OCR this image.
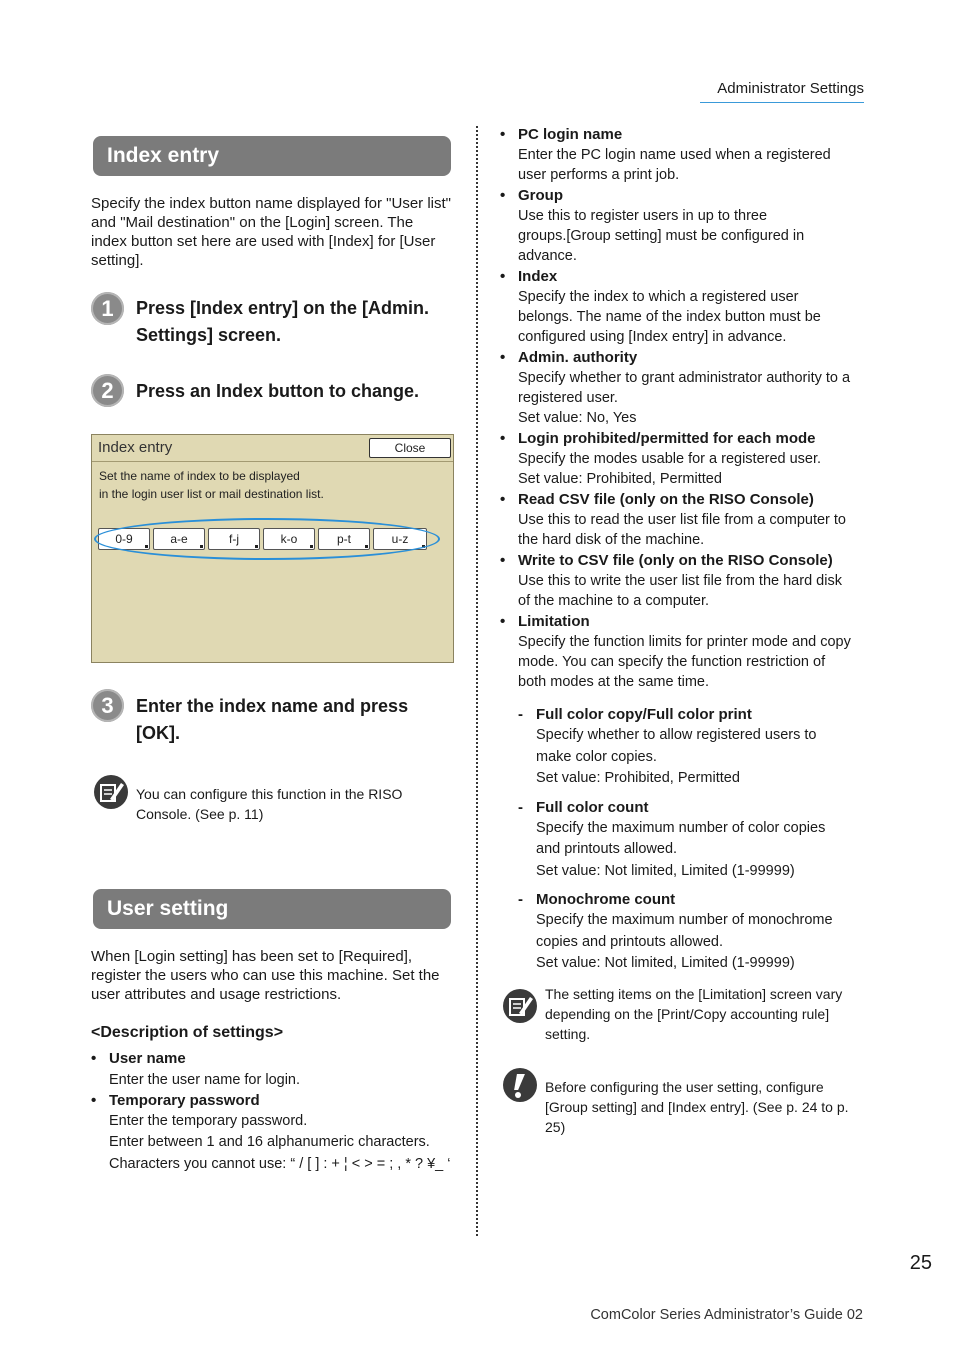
Administrator Settings
Index entry
Specify the index button name displayed for "User list" and "Mail destination" on the [Login] screen. The index button set here are used with [Index] for [User setting].
1	Press [Index entry] on the [Admin. Settings] screen.
2	Press an Index button to change.
Index entry	Close
Set the name of index to be displayed
in the login user list or mail destination list.
0-9	a-e	f-j	k-o	p-t	u-z
3	Enter the index name and press [OK].
You can configure this function in the RISO Console. (See p. 11)
User setting
When [Login setting] has been set to [Required], register the users who can use this machine. Set the user attributes and usage restrictions.
<Description of settings>
• User name
Enter the user name for login.
• Temporary password
Enter the temporary password.
Enter between 1 and 16 alphanumeric characters.
Characters you cannot use: “ / [ ] : + ¦ < > = ; , * ? ¥_ ‘
• PC login name
Enter the PC login name used when a registered
user performs a print job.
• Group
Use this to register users in up to three
groups.[Group setting] must be configured in
advance.
• Index
Specify the index to which a registered user
belongs. The name of the index button must be
configured using [Index entry] in advance.
• Admin. authority
Specify whether to grant administrator authority to a
registered user.
Set value: No, Yes
• Login prohibited/permitted for each mode
Specify the modes usable for a registered user.
Set value: Prohibited, Permitted
• Read CSV file (only on the RISO Console)
Use this to read the user list file from a computer to
the hard disk of the machine.
• Write to CSV file (only on the RISO Console)
Use this to write the user list file from the hard disk
of the machine to a computer.
• Limitation
Specify the function limits for printer mode and copy
mode. You can specify the function restriction of
both modes at the same time.
- Full color copy/Full color print
Specify whether to allow registered users to
make color copies.
Set value: Prohibited, Permitted
- Full color count
Specify the maximum number of color copies
and printouts allowed.
Set value: Not limited, Limited (1-99999)
- Monochrome count
Specify the maximum number of monochrome
copies and printouts allowed.
Set value: Not limited, Limited (1-99999)
The setting items on the [Limitation] screen vary depending on the [Print/Copy accounting rule] setting.
Before configuring the user setting, configure [Group setting] and [Index entry]. (See p. 24 to p. 25)
25
ComColor Series Administrator’s Guide 02
